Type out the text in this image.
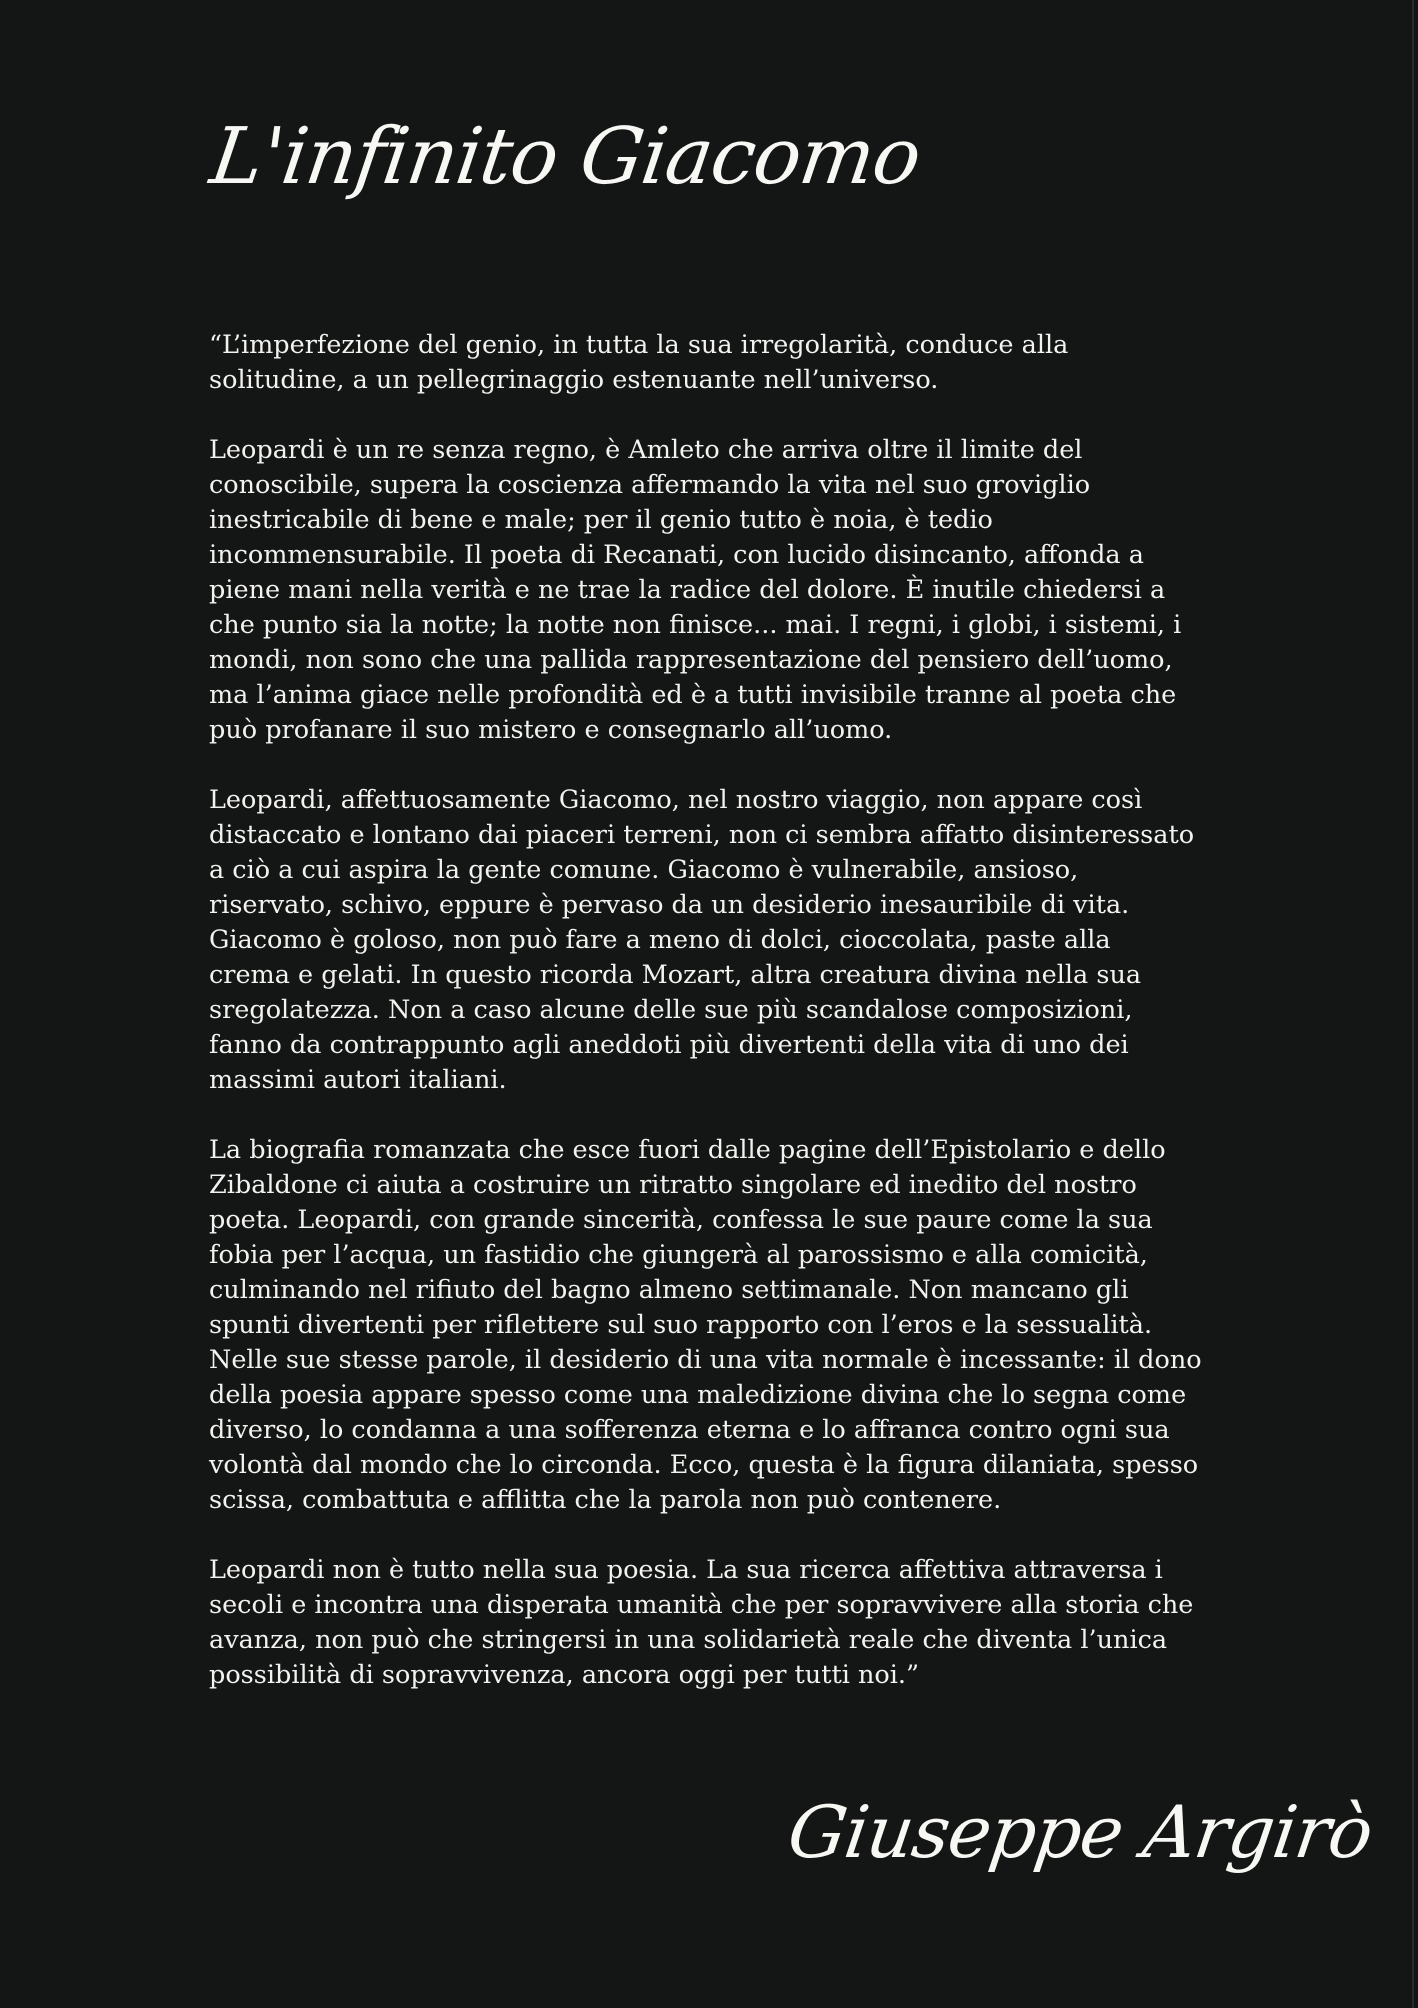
L'infinito Giacomo

“L’imperfezione del genio, in tutta la sua irregolarità, conduce alla
solitudine, a un pellegrinaggio estenuante nell’universo.

Leopardi è un re senza regno, è Amleto che arriva oltre il limite del
conoscibile, supera la coscienza affermando la vita nel suo groviglio
inestricabile di bene e male; per il genio tutto è noia, è tedio
incommensurabile. Il poeta di Recanati, con lucido disincanto, affonda a
piene mani nella verità e ne trae la radice del dolore. È inutile chiedersi a
che punto sia la notte; la notte non finisce... mai. I regni, i globi, i sistemi, i
mondi, non sono che una pallida rappresentazione del pensiero dell’uomo,
ma l’anima giace nelle profondità ed è a tutti invisibile tranne al poeta che
può profanare il suo mistero e consegnarlo all’uomo.

Leopardi, affettuosamente Giacomo, nel nostro viaggio, non appare così
distaccato e lontano dai piaceri terreni, non ci sembra affatto disinteressato
a ciò a cui aspira la gente comune. Giacomo è vulnerabile, ansioso,
riservato, schivo, eppure è pervaso da un desiderio inesauribile di vita.
Giacomo è goloso, non può fare a meno di dolci, cioccolata, paste alla
crema e gelati. In questo ricorda Mozart, altra creatura divina nella sua
sregolatezza. Non a caso alcune delle sue più scandalose composizioni,
fanno da contrappunto agli aneddoti più divertenti della vita di uno dei
massimi autori italiani.

La biografia romanzata che esce fuori dalle pagine dell’Epistolario e dello
Zibaldone ci aiuta a costruire un ritratto singolare ed inedito del nostro
poeta. Leopardi, con grande sincerità, confessa le sue paure come la sua
fobia per l’acqua, un fastidio che giungerà al parossismo e alla comicità,
culminando nel rifiuto del bagno almeno settimanale. Non mancano gli
spunti divertenti per riflettere sul suo rapporto con l’eros e la sessualità.
Nelle sue stesse parole, il desiderio di una vita normale è incessante: il dono
della poesia appare spesso come una maledizione divina che lo segna come
diverso, lo condanna a una sofferenza eterna e lo affranca contro ogni sua
volontà dal mondo che lo circonda. Ecco, questa è la figura dilaniata, spesso
scissa, combattuta e afflitta che la parola non può contenere.

Leopardi non è tutto nella sua poesia. La sua ricerca affettiva attraversa i
secoli e incontra una disperata umanità che per sopravvivere alla storia che
avanza, non può che stringersi in una solidarietà reale che diventa l’unica
possibilità di sopravvivenza, ancora oggi per tutti noi.”

Giuseppe Argirò
